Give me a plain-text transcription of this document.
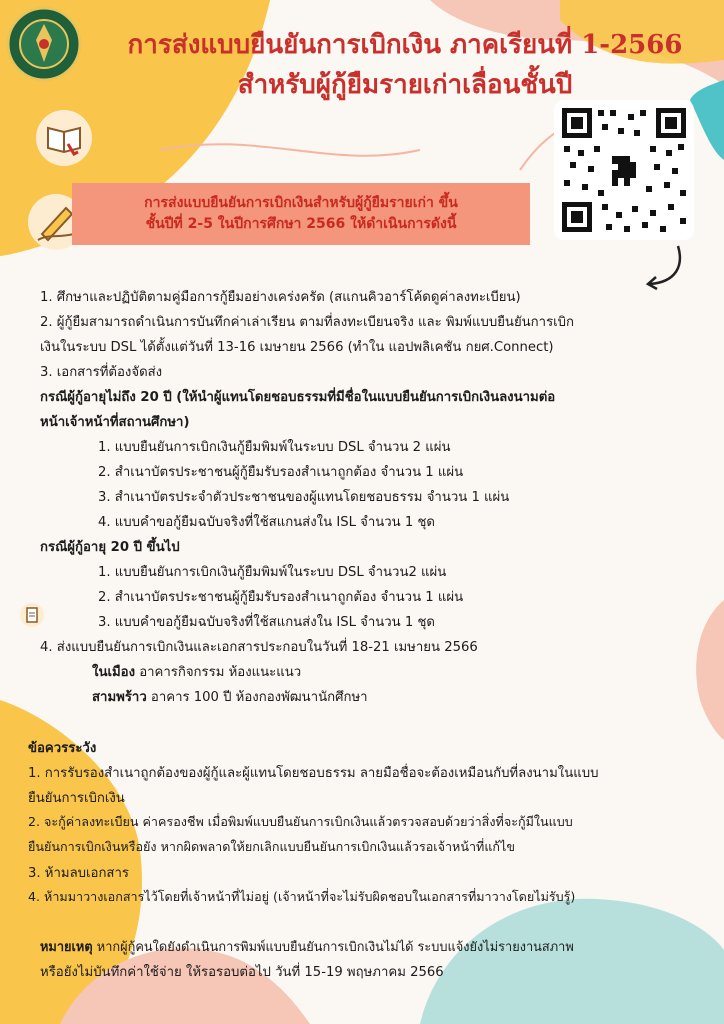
การส่งแบบยืนยันการเบิกเงิน ภาคเรียนที่ 1-2566
สำหรับผู้กู้ยืมรายเก่าเลื่อนชั้นปี
การส่งแบบยืนยันการเบิกเงินสำหรับผู้กู้ยืมรายเก่า ขึ้น
ชั้นปีที่ 2-5 ในปีการศึกษา 2566 ให้ดำเนินการดังนี้
1. ศึกษาและปฏิบัติตามคู่มือการกู้ยืมอย่างเคร่งครัด (สแกนคิวอาร์โค้ดดูค่าลงทะเบียน)
2. ผู้กู้ยืมสามารถดำเนินการบันทึกค่าเล่าเรียน ตามที่ลงทะเบียนจริง และ พิมพ์แบบยืนยันการเบิก
เงินในระบบ DSL ได้ตั้งแต่วันที่ 13-16 เมษายน 2566 (ทำใน แอปพลิเคชัน กยศ.Connect)
3. เอกสารที่ต้องจัดส่ง
กรณีผู้กู้อายุไม่ถึง 20 ปี (ให้นำผู้แทนโดยชอบธรรมที่มีชื่อในแบบยืนยันการเบิกเงินลงนามต่อ
หน้าเจ้าหน้าที่สถานศึกษา)
1. แบบยืนยันการเบิกเงินกู้ยืมพิมพ์ในระบบ DSL จำนวน 2 แผ่น
2. สำเนาบัตรประชาชนผู้กู้ยืมรับรองสำเนาถูกต้อง จำนวน 1 แผ่น
3. สำเนาบัตรประจำตัวประชาชนของผู้แทนโดยชอบธรรม จำนวน 1 แผ่น
4. แบบคำขอกู้ยืมฉบับจริงที่ใช้สแกนส่งใน ISL จำนวน 1 ชุด
กรณีผู้กู้อายุ 20 ปี ขึ้นไป
1. แบบยืนยันการเบิกเงินกู้ยืมพิมพ์ในระบบ DSL จำนวน2 แผ่น
2. สำเนาบัตรประชาชนผู้กู้ยืมรับรองสำเนาถูกต้อง จำนวน 1 แผ่น
3. แบบคำขอกู้ยืมฉบับจริงที่ใช้สแกนส่งใน ISL จำนวน 1 ชุด
4. ส่งแบบยืนยันการเบิกเงินและเอกสารประกอบในวันที่ 18-21 เมษายน 2566
ในเมือง อาคารกิจกรรม ห้องแนะแนว
สามพร้าว อาคาร 100 ปี ห้องกองพัฒนานักศึกษา
ข้อควรระวัง
1. การรับรองสำเนาถูกต้องของผู้กู้และผู้แทนโดยชอบธรรม ลายมือชื่อจะต้องเหมือนกับที่ลงนามในแบบ
ยืนยันการเบิกเงิน
2. จะกู้ค่าลงทะเบียน ค่าครองชีพ เมื่อพิมพ์แบบยืนยันการเบิกเงินแล้วตรวจสอบด้วยว่าสิ่งที่จะกู้มีในแบบ
ยืนยันการเบิกเงินหรือยัง หากผิดพลาดให้ยกเลิกแบบยืนยันการเบิกเงินแล้วรอเจ้าหน้าที่แก้ไข
3. ห้ามลบเอกสาร
4. ห้ามมาวางเอกสารไว้โดยที่เจ้าหน้าที่ไม่อยู่ (เจ้าหน้าที่จะไม่รับผิดชอบในเอกสารที่มาวางโดยไม่รับรู้)
หมายเหตุ หากผู้กู้คนใดยังดำเนินการพิมพ์แบบยืนยันการเบิกเงินไม่ได้ ระบบแจ้งยังไม่รายงานสภาพ
หรือยังไม่บันทึกค่าใช้จ่าย ให้รอรอบต่อไป วันที่ 15-19 พฤษภาคม 2566
